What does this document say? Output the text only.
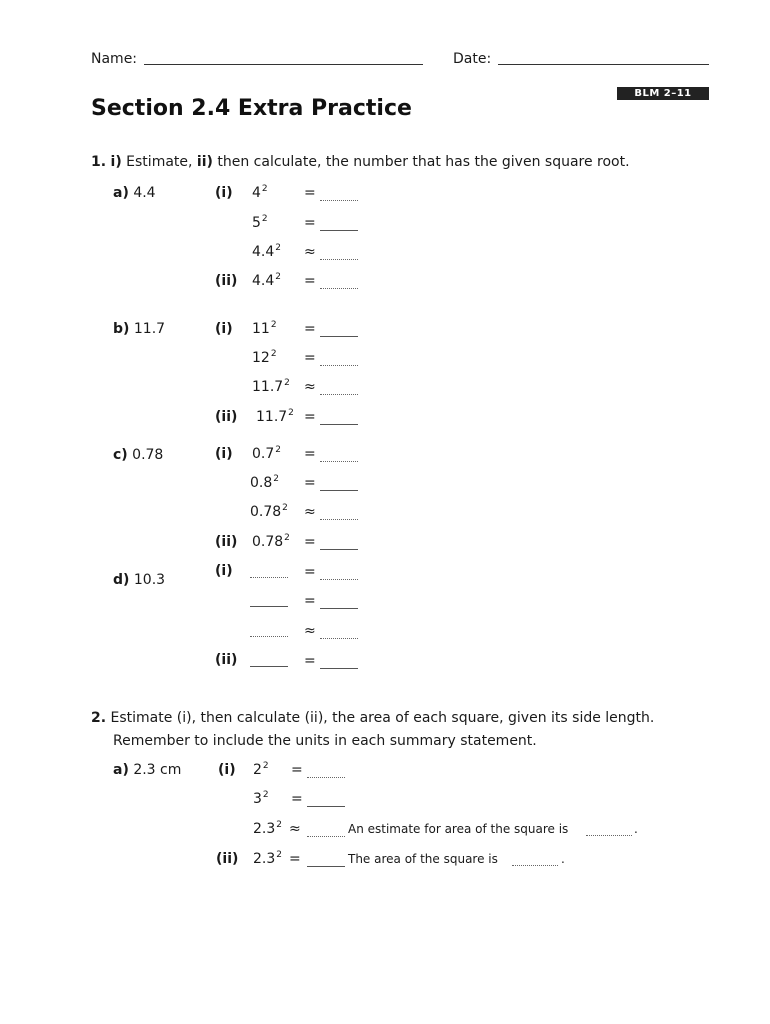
Name:	Date:
BLM 2–11
Section 2.4 Extra Practice
1. i) Estimate, ii) then calculate, the number that has the given square root.
a) 4.4	(i) $4^2$	=
$5^2$	=
$4.4^2$ ≈
(ii) $4.4^2$ =
b) 11.7	(i) $11^2$ =
$12^2$ =
$11.7^2$ ≈
(ii) $11.7^2$ =
c) 0.78	(i) $0.7^2$ =
$0.8^2$ =
$0.78^2$ ≈
(ii) $0.78^2$ =
d) 10.3
(i)	=
=
≈
(ii)	=
2. Estimate (i), then calculate (ii), the area of each square, given its side length.
Remember to include the units in each summary statement.
a) 2.3 cm	(i) $2^2$ =
$3^2$ =
$2.3^2$ ≈	An estimate for area of the square is	.
(ii) $2.3^2$ =	The area of the square is	.
